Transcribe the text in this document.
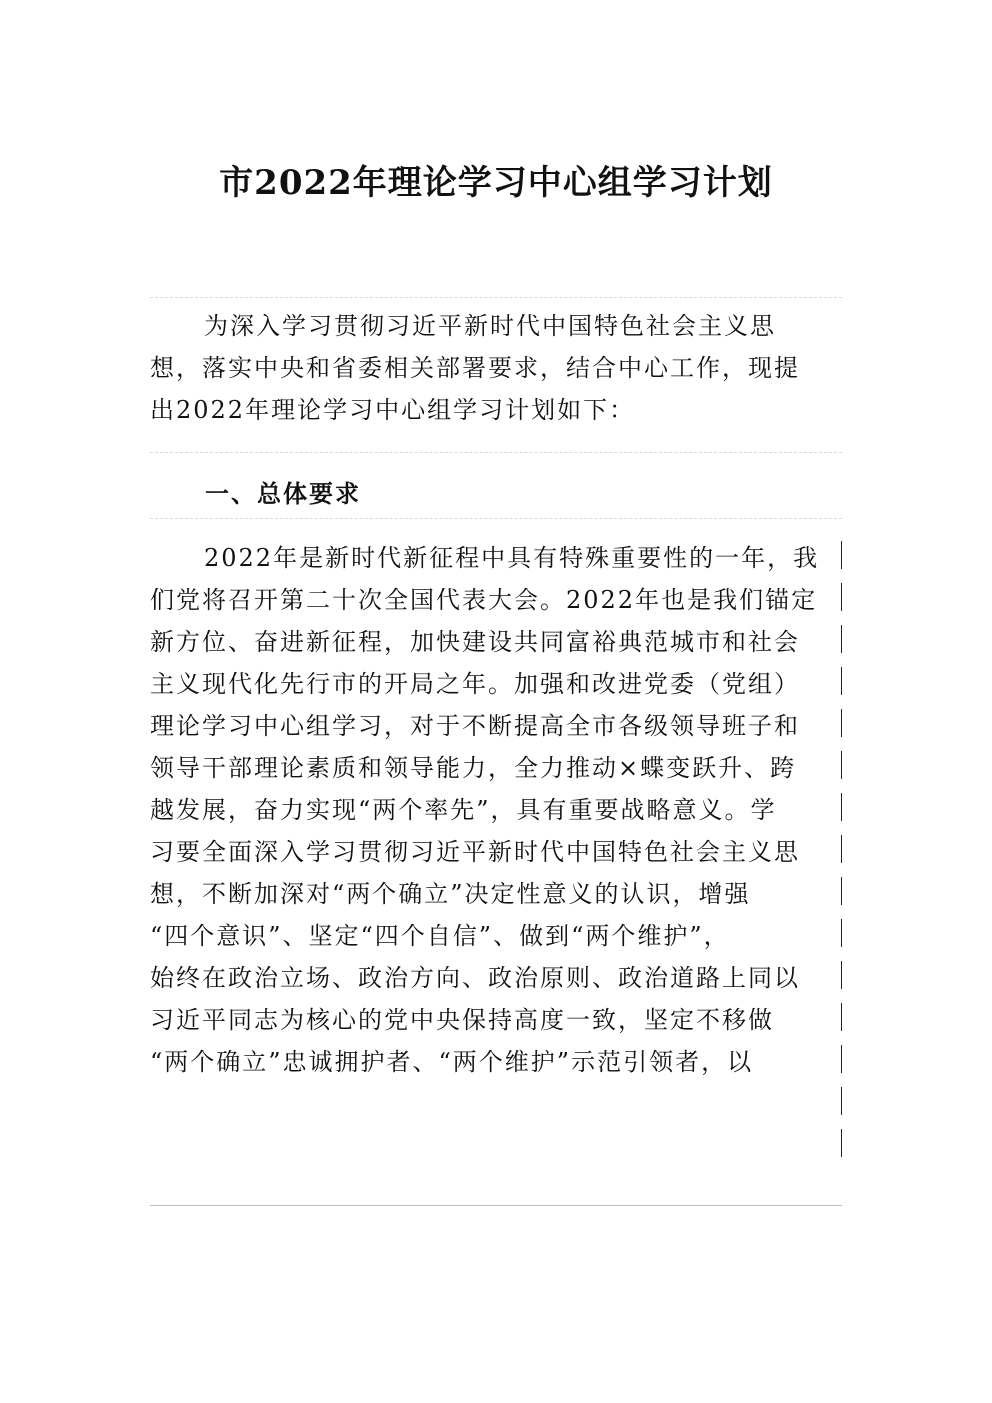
市2022年理论学习中心组学习计划
为深入学习贯彻习近平新时代中国特色社会主义思
想，落实中央和省委相关部署要求，结合中心工作，现提
出2022年理论学习中心组学习计划如下：
一、总体要求
2022年是新时代新征程中具有特殊重要性的一年，我
们党将召开第二十次全国代表大会。2022年也是我们锚定
新方位、奋进新征程，加快建设共同富裕典范城市和社会
主义现代化先行市的开局之年。加强和改进党委（党组）
理论学习中心组学习，对于不断提高全市各级领导班子和
领导干部理论素质和领导能力，全力推动×蝶变跃升、跨
越发展，奋力实现“两个率先”，具有重要战略意义。学
习要全面深入学习贯彻习近平新时代中国特色社会主义思
想，不断加深对“两个确立”决定性意义的认识，增强
“四个意识”、坚定“四个自信”、做到“两个维护”，
始终在政治立场、政治方向、政治原则、政治道路上同以
习近平同志为核心的党中央保持高度一致，坚定不移做
“两个确立”忠诚拥护者、“两个维护”示范引领者，以
